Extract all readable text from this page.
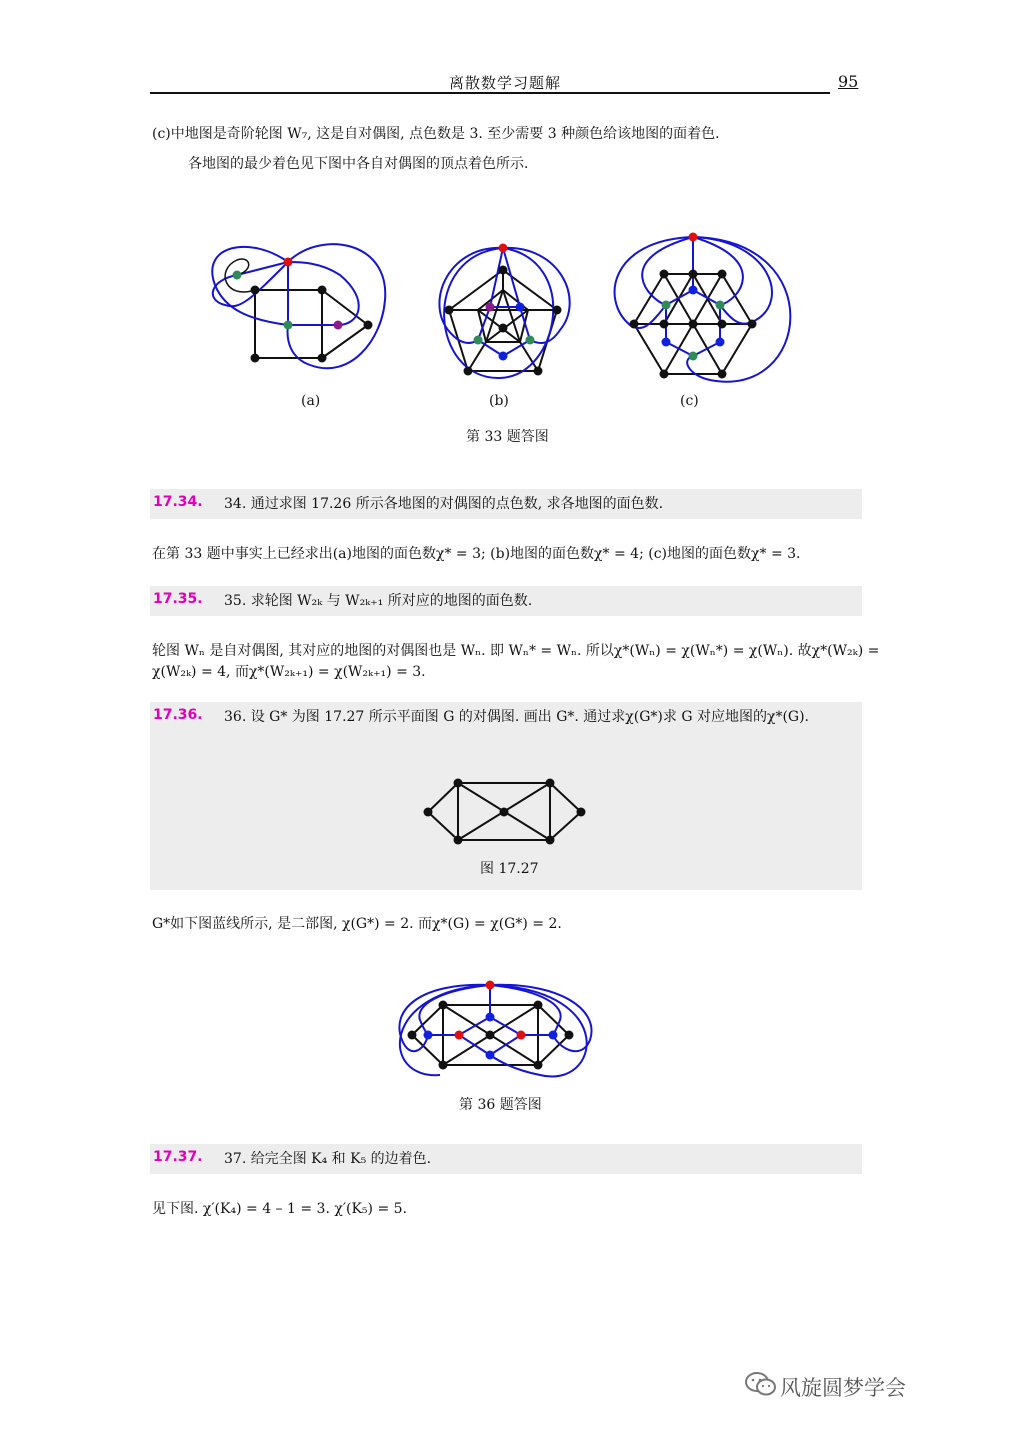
离散数学习题解	95
(c)中地图是奇阶轮图 W₇, 这是自对偶图, 点色数是 3. 至少需要 3 种颜色给该地图的面着色.
各地图的最少着色见下图中各自对偶图的顶点着色所示.
(a)	(b)	(c)
第 33 题答图
17.34. 34. 通过求图 17.26 所示各地图的对偶图的点色数, 求各地图的面色数.
在第 33 题中事实上已经求出(a)地图的面色数χ* = 3; (b)地图的面色数χ* = 4; (c)地图的面色数χ* = 3.
17.35. 35. 求轮图 W₂ₖ 与 W₂ₖ₊₁ 所对应的地图的面色数.
轮图 Wₙ 是自对偶图, 其对应的地图的对偶图也是 Wₙ. 即 Wₙ* = Wₙ. 所以χ*(Wₙ) = χ(Wₙ*) = χ(Wₙ). 故χ*(W₂ₖ) =
χ(W₂ₖ) = 4, 而χ*(W₂ₖ₊₁) = χ(W₂ₖ₊₁) = 3.
17.36. 36. 设 G* 为图 17.27 所示平面图 G 的对偶图. 画出 G*. 通过求χ(G*)求 G 对应地图的χ*(G).
图 17.27
G*如下图蓝线所示, 是二部图, χ(G*) = 2. 而χ*(G) = χ(G*) = 2.
第 36 题答图
17.37. 37. 给完全图 K₄ 和 K₅ 的边着色.
见下图. χ′(K₄) = 4 – 1 = 3. χ′(K₅) = 5.
风旋圆梦学会
